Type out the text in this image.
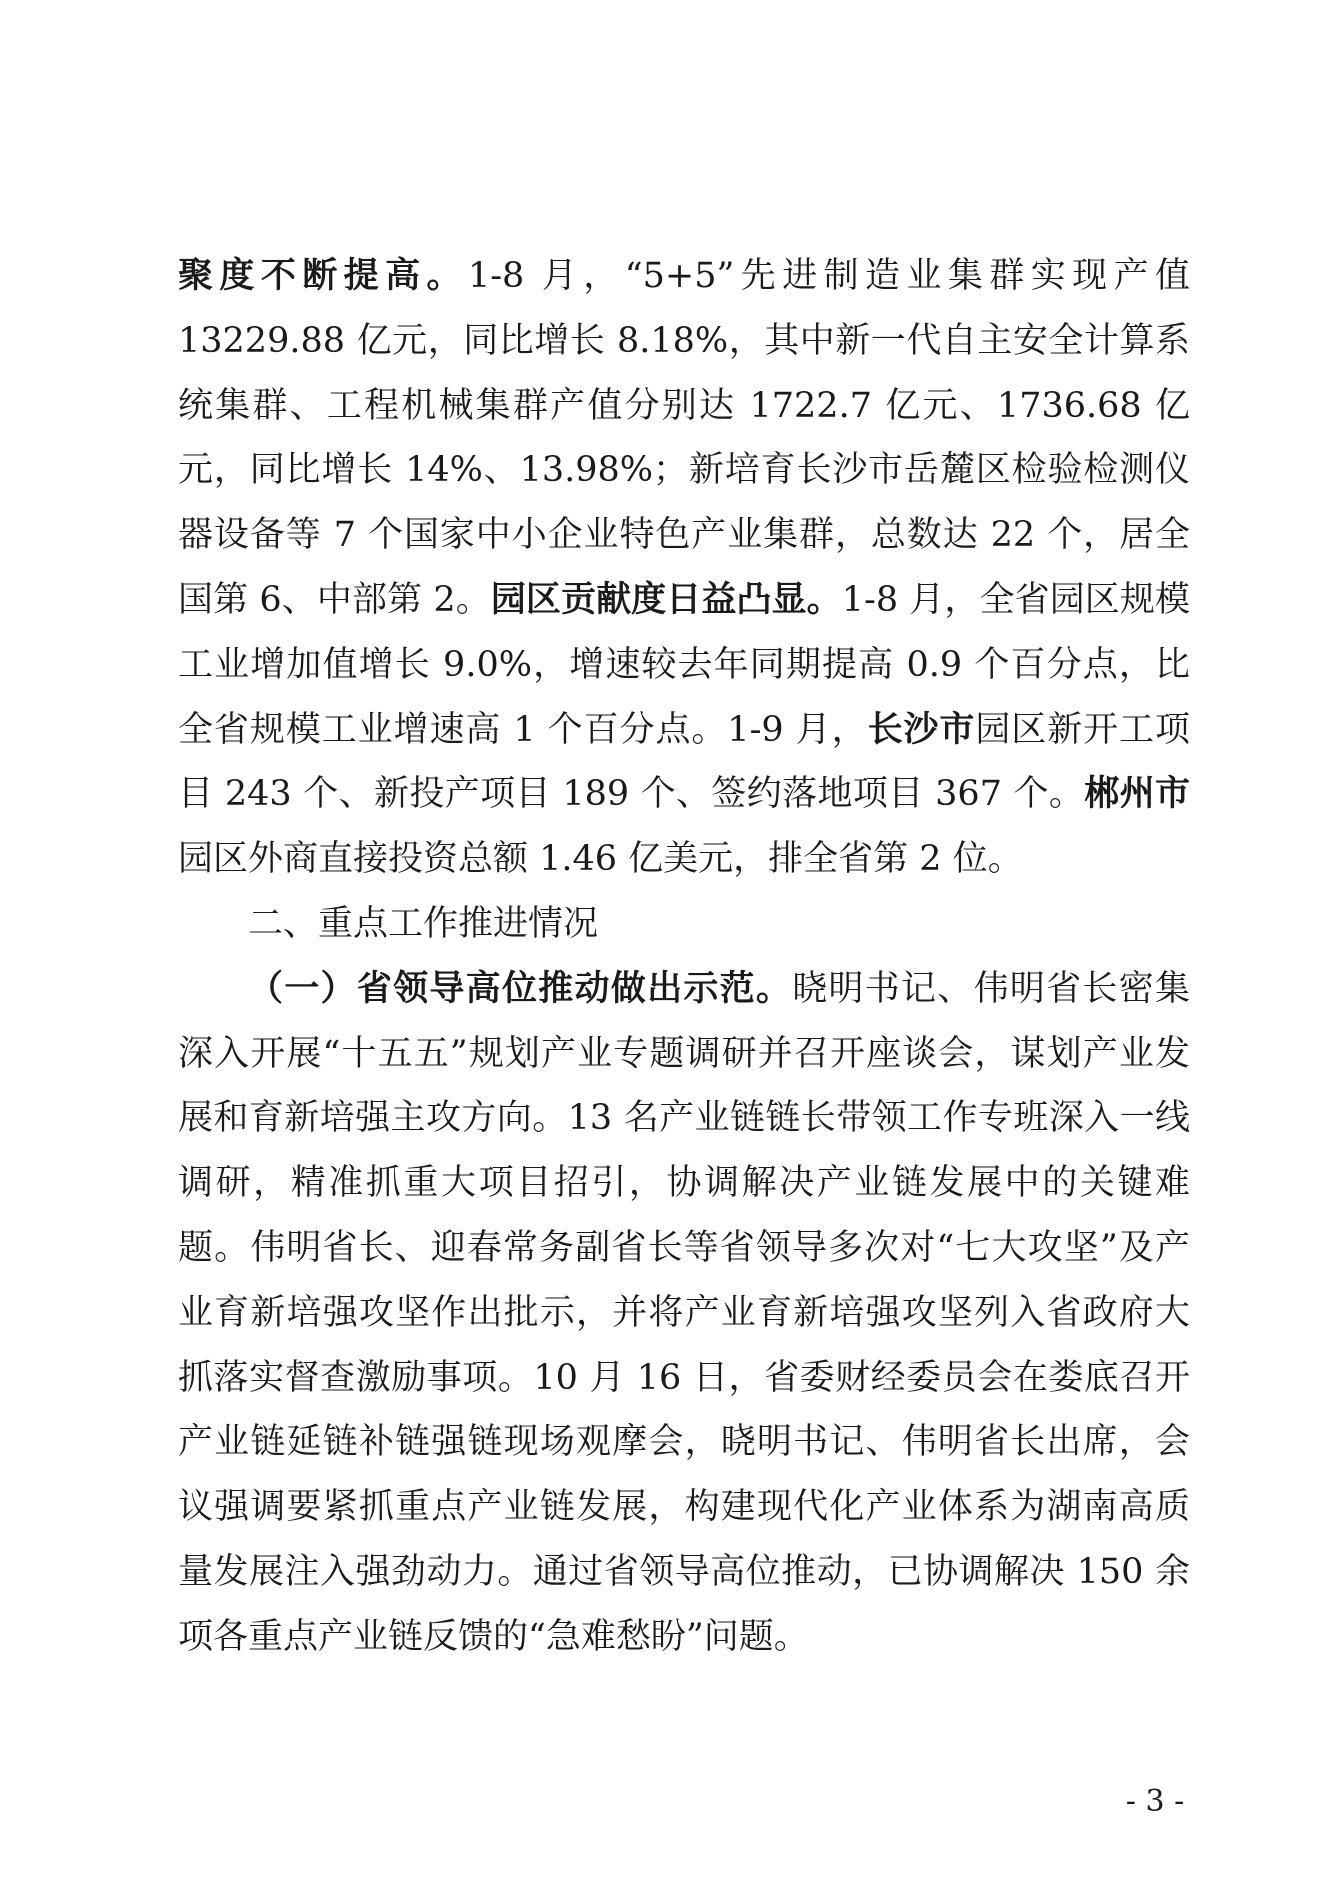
聚度不断提高。1-8 月，“5+5”先进制造业集群实现产值 13229.88 亿元，同比增长 8.18%，其中新一代自主安全计算系统集群、工程机械集群产值分别达 1722.7 亿元、1736.68 亿元，同比增长 14%、13.98%；新培育长沙市岳麓区检验检测仪器设备等 7 个国家中小企业特色产业集群，总数达 22 个，居全国第 6、中部第 2。园区贡献度日益凸显。1-8 月，全省园区规模工业增加值增长 9.0%，增速较去年同期提高 0.9 个百分点，比全省规模工业增速高 1 个百分点。1-9 月，长沙市园区新开工项目 243 个、新投产项目 189 个、签约落地项目 367 个。郴州市园区外商直接投资总额 1.46 亿美元，排全省第 2 位。

二、重点工作推进情况

（一）省领导高位推动做出示范。晓明书记、伟明省长密集深入开展“十五五”规划产业专题调研并召开座谈会，谋划产业发展和育新培强主攻方向。13 名产业链链长带领工作专班深入一线调研，精准抓重大项目招引，协调解决产业链发展中的关键难题。伟明省长、迎春常务副省长等省领导多次对“七大攻坚”及产业育新培强攻坚作出批示，并将产业育新培强攻坚列入省政府大抓落实督查激励事项。10 月 16 日，省委财经委员会在娄底召开产业链延链补链强链现场观摩会，晓明书记、伟明省长出席，会议强调要紧抓重点产业链发展，构建现代化产业体系为湖南高质量发展注入强劲动力。通过省领导高位推动，已协调解决 150 余项各重点产业链反馈的“急难愁盼”问题。

- 3 -
